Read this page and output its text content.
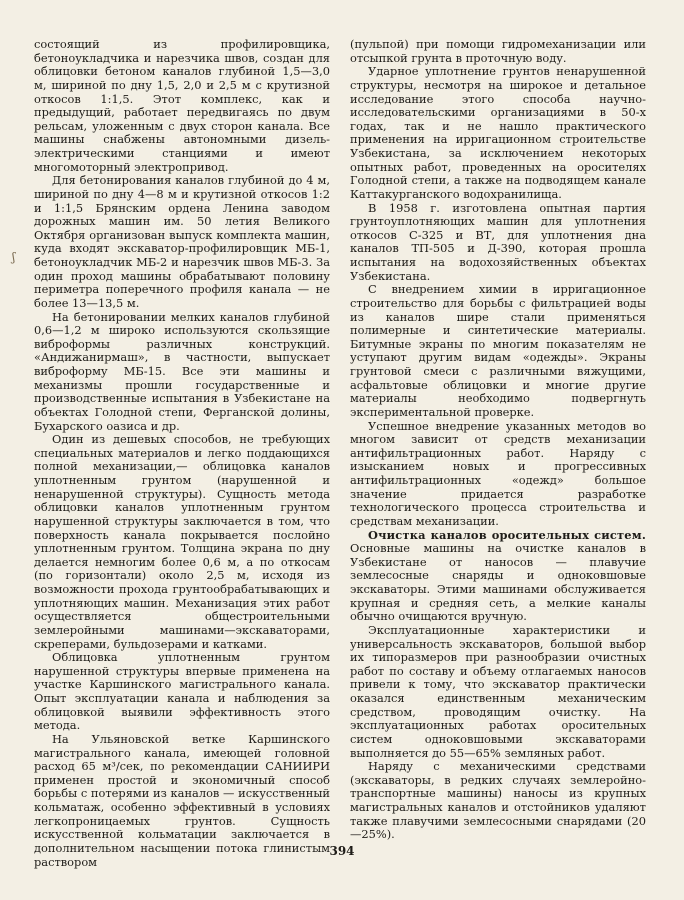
состоящий из профилировщика, бетоноукладчика и нарезчика швов, создан для облицовки бетоном каналов глубиной 1,5—3,0 м, шириной по дну 1,5, 2,0 и 2,5 м с крутизной откосов 1:1,5. Этот комплекс, как и предыдущий, работает передвигаясь по двум рельсам, уложенным с двух сторон канала. Все машины снабжены автономными дизель-электрическими станциями и имеют многомоторный электропривод.

Для бетонирования каналов глубиной до 4 м, шириной по дну 4—8 м и крутизной откосов 1:2 и 1:1,5 Брянским ордена Ленина заводом дорожных машин им. 50 летия Великого Октября организован выпуск комплекта машин, куда входят экскаватор-профилировщик МБ-1, бетоноукладчик МБ-2 и нарезчик швов МБ-3. За один проход машины обрабатывают половину периметра поперечного профиля канала — не более 13—13,5 м.

На бетонировании мелких каналов глубиной 0,6—1,2 м широко используются скользящие виброформы различных конструкций. «Андижанирмаш», в частности, выпускает виброформу МБ-15. Все эти машины и механизмы прошли государственные и производственные испытания в Узбекистане на объектах Голодной степи, Ферганской долины, Бухарского оазиса и др.

Один из дешевых способов, не требующих специальных материалов и легко поддающихся полной механизации,— облицовка каналов уплотненным грунтом (нарушенной и ненарушенной структуры). Сущность метода облицовки каналов уплотненным грунтом нарушенной структуры заключается в том, что поверхность канала покрывается послойно уплотненным грунтом. Толщина экрана по дну делается немногим более 0,6 м, а по откосам (по горизонтали) около 2,5 м, исходя из возможности прохода грунтообрабатывающих и уплотняющих машин. Механизация этих работ осуществляется общестроительными землеройными машинами—экскаваторами, скреперами, бульдозерами и катками.

Облицовка уплотненным грунтом нарушенной структуры впервые применена на участке Каршинского магистрального канала. Опыт эксплуатации канала и наблюдения за облицовкой выявили эффективность этого метода.

На Ульяновской ветке Каршинского магистрального канала, имеющей головной расход 65 м³/сек, по рекомендации САНИИРИ применен простой и экономичный способ борьбы с потерями из каналов — искусственный кольматаж, особенно эффективный в условиях легкопроницаемых грунтов. Сущность искусственной кольматации заключается в дополнительном насыщении потока глинистым раствором

(пульпой) при помощи гидромеханизации или отсыпкой грунта в проточную воду.

Ударное уплотнение грунтов ненарушенной структуры, несмотря на широкое и детальное исследование этого способа научно-исследовательскими организациями в 50-х годах, так и не нашло практического применения на ирригационном строительстве Узбекистана, за исключением некоторых опытных работ, проведенных на оросителях Голодной степи, а также на подводящем канале Каттакурганского водохранилища.

В 1958 г. изготовлена опытная партия грунтоуплотняющих машин для уплотнения откосов С-325 и ВТ, для уплотнения дна каналов ТП-505 и Д-390, которая прошла испытания на водохозяйственных объектах Узбекистана.

С внедрением химии в ирригационное строительство для борьбы с фильтрацией воды из каналов шире стали применяться полимерные и синтетические материалы. Битумные экраны по многим показателям не уступают другим видам «одежды». Экраны грунтовой смеси с различными вяжущими, асфальтовые облицовки и многие другие материалы необходимо подвергнуть экспериментальной проверке.

Успешное внедрение указанных методов во многом зависит от средств механизации антифильтрационных работ. Наряду с изысканием новых и прогрессивных антифильтрационных «одежд» большое значение придается разработке технологического процесса строительства и средствам механизации.

Очистка каналов оросительных систем. Основные машины на очистке каналов в Узбекистане от наносов — плавучие землесосные снаряды и одноковшовые экскаваторы. Этими машинами обслуживается крупная и средняя сеть, а мелкие каналы обычно очищаются вручную.

Эксплуатационные характеристики и универсальность экскаваторов, большой выбор их типоразмеров при разнообразии очистных работ по составу и объему отлагаемых наносов привели к тому, что экскаватор практически оказался единственным механическим средством, проводящим очистку. На эксплуатационных работах оросительных систем одноковшовыми экскаваторами выполняется до 55—65% земляных работ.

Наряду с механическими средствами (экскаваторы, в редких случаях землеройно-транспортные машины) наносы из крупных магистральных каналов и отстойников удаляют также плавучими землесосными снарядами (20—25%).

ʃ
394
